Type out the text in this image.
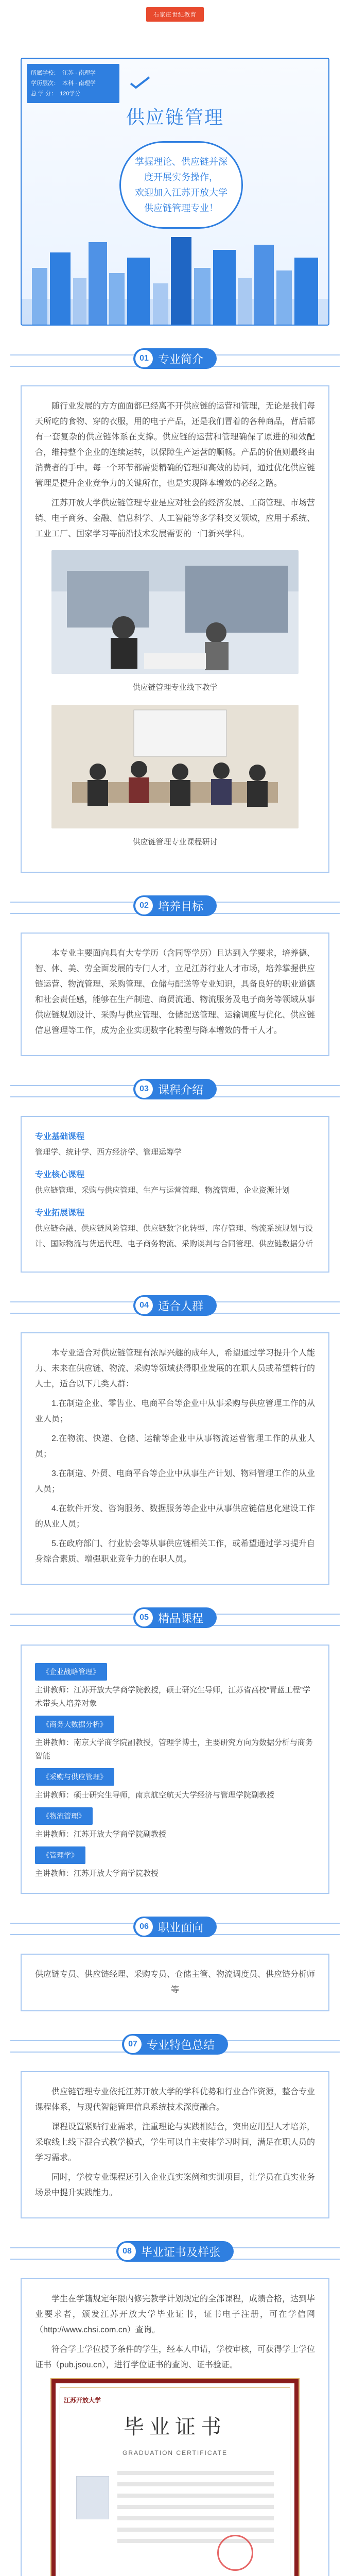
石家庄世纪教育
所属学校： 江苏 · 南理学
学历层次： 本科 · 南理学
总 学 分： 120学分
供应链管理
掌握理论、供应链并深
度开展实务操作，
欢迎加入江苏开放大学
供应链管理专业！
01 专业简介

随行业发展的方方面面都已经离不开供应链的运营和管理，无论是我们每天所吃的食物、穿的衣服，用的电子产品，还是我们冒着的各种商品，背后都有一套复杂的供应链体系在支撑。供应链的运营和管理确保了原进的和效配合，维持整个企业的连续运转，以保障生产运营的顺畅。产品的价值则最终由消费者的手中。每一个环节都需要精确的管理和高效的协同，通过优化供应链管理是提升企业竞争力的关键所在，也是实现降本增效的必经之路。

江苏开放大学供应链管理专业是应对社会的经济发展、工商管理、市场营销、电子商务、金融、信息科学、人工智能等多学科交叉领域，应用于系统、工业工厂、国家学习等前沿技术发展需要的一门新兴学科。

供应链管理专业线下教学
供应链管理专业课程研讨
02 培养目标

本专业主要面向具有大专学历（含同等学历）且达到入学要求，培养德、智、体、美、劳全面发展的专门人才，立足江苏行业人才市场，培养掌握供应链运营、物流管理、采购管理、仓储与配送等专业知识，具备良好的职业道德和社会责任感，能够在生产制造、商贸流通、物流服务及电子商务等领域从事供应链规划设计、采购与供应管理、仓储配送管理、运输调度与优化、供应链信息管理等工作，成为企业实现数字化转型与降本增效的骨干人才。

03 课程介绍
专业基础课程
管理学、统计学、西方经济学、管理运筹学
专业核心课程
供应链管理、采购与供应管理、生产与运营管理、物流管理、企业资源计划
专业拓展课程
供应链金融、供应链风险管理、供应链数字化转型、库存管理、物流系统规划与设计、国际物流与货运代理、电子商务物流、采购谈判与合同管理、供应链数据分析
04 适合人群

本专业适合对供应链管理有浓厚兴趣的成年人，希望通过学习提升个人能力、未来在供应链、物流、采购等领域获得职业发展的在职人员或希望转行的人士，适合以下几类人群：

1.在制造企业、零售业、电商平台等企业中从事采购与供应管理工作的从业人员；

2.在物流、快递、仓储、运输等企业中从事物流运营管理工作的从业人员；

3.在制造、外贸、电商平台等企业中从事生产计划、物料管理工作的从业人员；

4.在软件开发、咨询服务、数据服务等企业中从事供应链信息化建设工作的从业人员；

5.在政府部门、行业协会等从事供应链相关工作，或希望通过学习提升自身综合素质、增强职业竞争力的在职人员。

05 精品课程
《企业战略管理》
主讲教师：江苏开放大学商学院教授，硕士研究生导师，江苏省高校“青蓝工程”学术带头人培养对象
《商务大数据分析》
主讲教师：南京大学商学院副教授，管理学博士，主要研究方向为数据分析与商务智能
《采购与供应管理》
主讲教师：硕士研究生导师，南京航空航天大学经济与管理学院副教授
《物流管理》
主讲教师：江苏开放大学商学院副教授
《管理学》
主讲教师：江苏开放大学商学院教授
06 职业面向
供应链专员、供应链经理、采购专员、仓储主管、物流调度员、供应链分析师等
07 专业特色总结

供应链管理专业依托江苏开放大学的学科优势和行业合作资源，整合专业课程体系，与现代智能管理信息系统技术深度融合。

课程设置紧贴行业需求，注重理论与实践相结合，突出应用型人才培养，采取线上线下混合式教学模式，学生可以自主安排学习时间，满足在职人员的学习需求。

同时，学校专业课程还引入企业真实案例和实训项目，让学员在真实业务场景中提升实践能力。

08 毕业证书及样张

学生在学籍规定年限内修完教学计划规定的全部课程，成绩合格，达到毕业要求者，颁发江苏开放大学毕业证书，证书电子注册，可在学信网（http://www.chsi.com.cn）查询。

符合学士学位授予条件的学生，经本人申请，学校审核，可获得学士学位证书（pub.jsou.cn），进行学位证书的查询、证书验证。

江苏开放大学
毕业证书
GRADUATION CERTIFICATE
